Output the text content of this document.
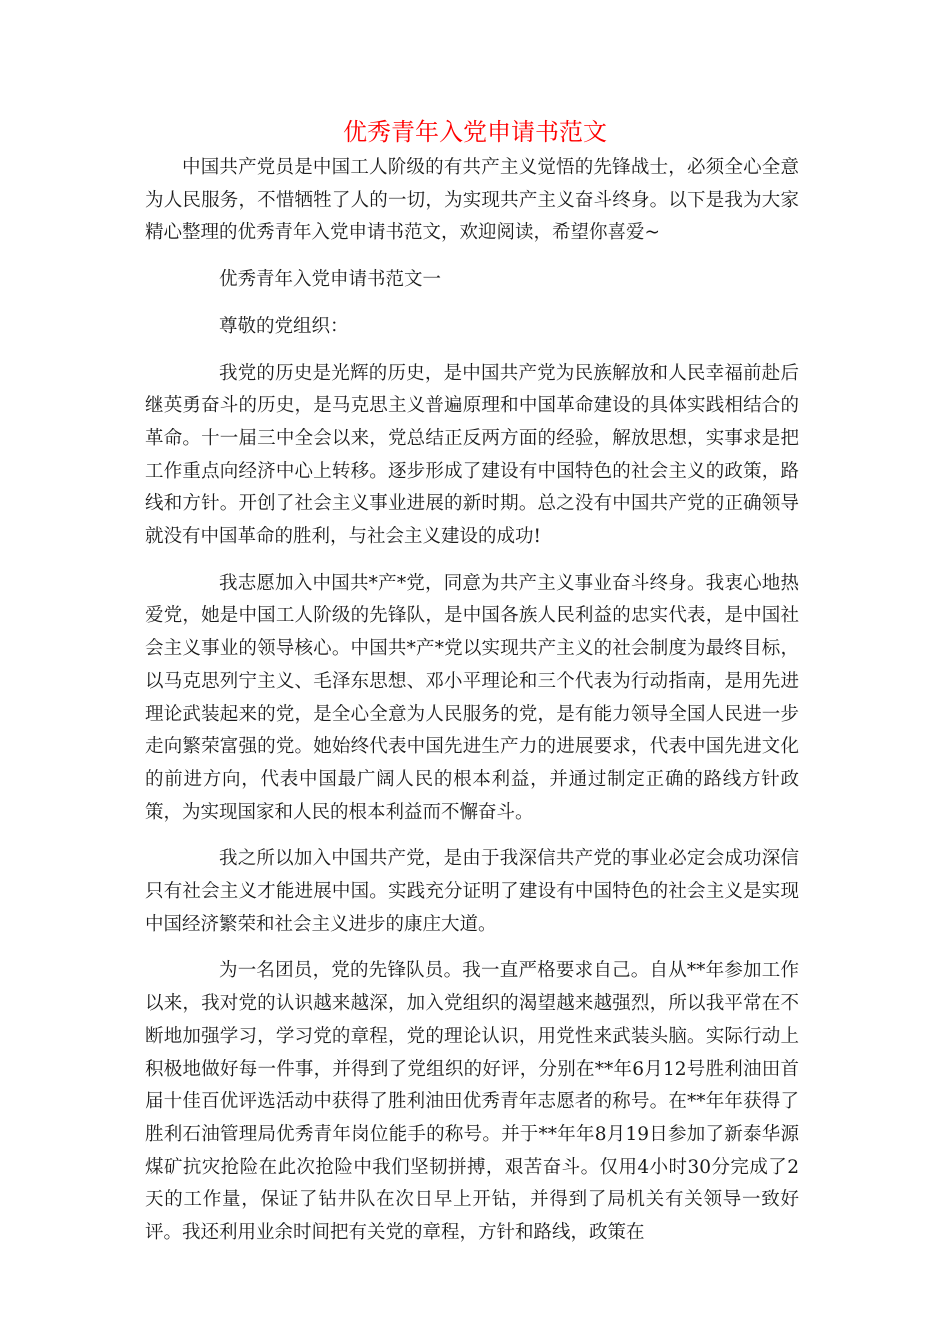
优秀青年入党申请书范文

中国共产党员是中国工人阶级的有共产主义觉悟的先锋战士，必须全心全意为人民服务，不惜牺牲了人的一切，为实现共产主义奋斗终身。以下是我为大家精心整理的优秀青年入党申请书范文，欢迎阅读，希望你喜爱~

优秀青年入党申请书范文一

尊敬的党组织：

我党的历史是光辉的历史，是中国共产党为民族解放和人民幸福前赴后继英勇奋斗的历史，是马克思主义普遍原理和中国革命建设的具体实践相结合的革命。十一届三中全会以来，党总结正反两方面的经验，解放思想，实事求是把工作重点向经济中心上转移。逐步形成了建设有中国特色的社会主义的政策，路线和方针。开创了社会主义事业进展的新时期。总之没有中国共产党的正确领导就没有中国革命的胜利，与社会主义建设的成功!

我志愿加入中国共*产*党，同意为共产主义事业奋斗终身。我衷心地热爱党，她是中国工人阶级的先锋队，是中国各族人民利益的忠实代表，是中国社会主义事业的领导核心。中国共*产*党以实现共产主义的社会制度为最终目标，以马克思列宁主义、毛泽东思想、邓小平理论和三个代表为行动指南，是用先进理论武装起来的党，是全心全意为人民服务的党，是有能力领导全国人民进一步走向繁荣富强的党。她始终代表中国先进生产力的进展要求，代表中国先进文化的前进方向，代表中国最广阔人民的根本利益，并通过制定正确的路线方针政策，为实现国家和人民的根本利益而不懈奋斗。

我之所以加入中国共产党，是由于我深信共产党的事业必定会成功深信只有社会主义才能进展中国。实践充分证明了建设有中国特色的社会主义是实现中国经济繁荣和社会主义进步的康庄大道。

为一名团员，党的先锋队员。我一直严格要求自己。自从**年参加工作以来，我对党的认识越来越深，加入党组织的渴望越来越强烈，所以我平常在不断地加强学习，学习党的章程，党的理论认识，用党性来武装头脑。实际行动上积极地做好每一件事，并得到了党组织的好评，分别在**年6月12号胜利油田首届十佳百优评选活动中获得了胜利油田优秀青年志愿者的称号。在**年年获得了胜利石油管理局优秀青年岗位能手的称号。并于**年年8月19日参加了新泰华源煤矿抗灾抢险在此次抢险中我们坚韧拼搏，艰苦奋斗。仅用4小时30分完成了2天的工作量，保证了钻井队在次日早上开钻，并得到了局机关有关领导一致好评。我还利用业余时间把有关党的章程，方针和路线，政策在
